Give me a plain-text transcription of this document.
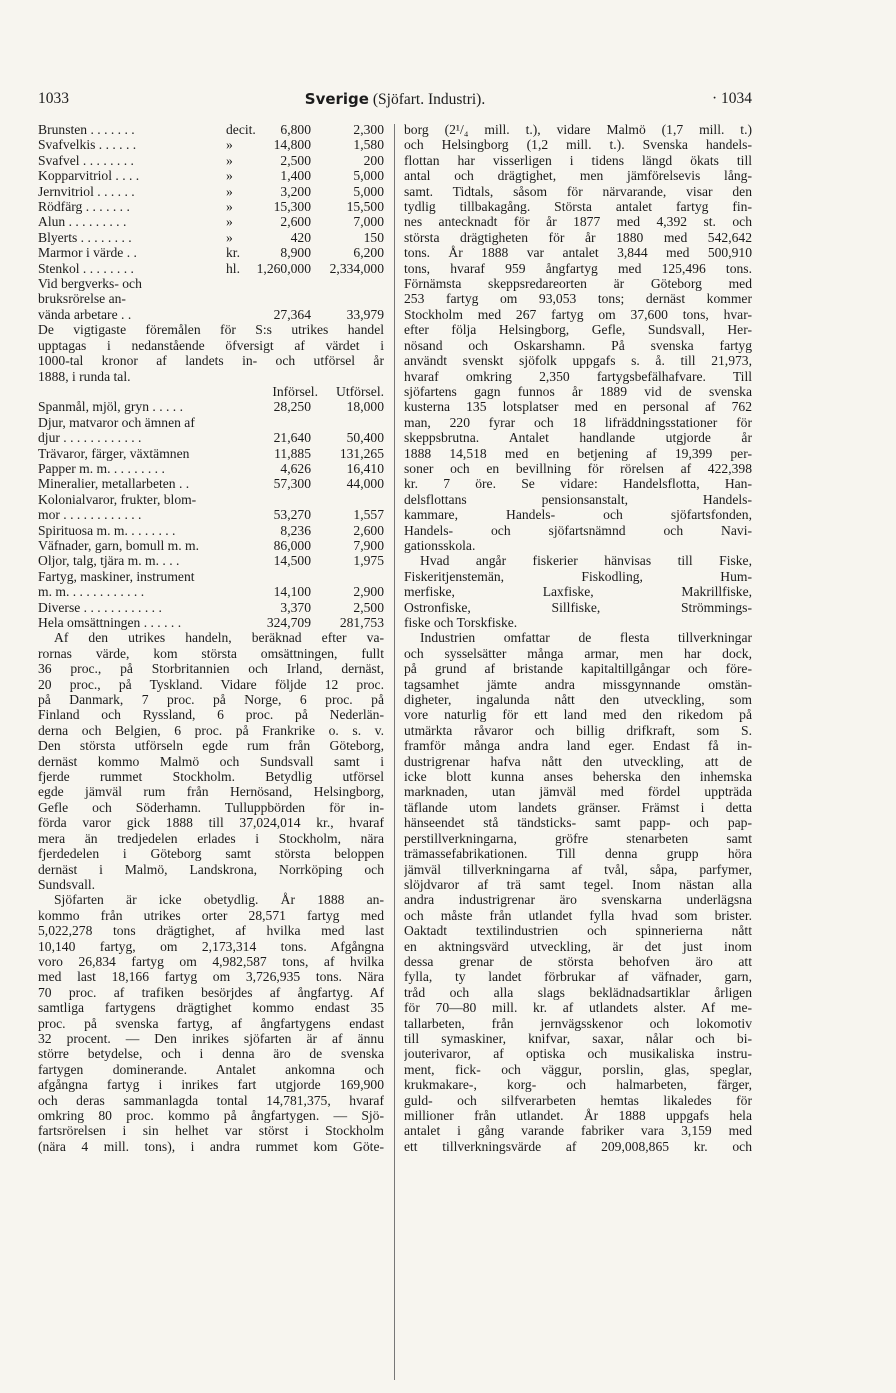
1033	Sverige (Sjöfart. Industri).	· 1034
Brunsten . . . . . . .	decit. 6,800	2,300
Svafvelkis . . . . . .	»	14,800	1,580
Svafvel . . . . . . . .	»	2,500	200
Kopparvitriol . . . .	»	1,400	5,000
Jernvitriol . . . . . .	»	3,200	5,000
Rödfärg . . . . . . .	»	15,300	15,500
Alun . . . . . . . . .	»	2,600	7,000
Blyerts . . . . . . . .	»	420	150
Marmor i värde . .	kr.	8,900	6,200
Stenkol . . . . . . . .	hl. 1,260,000 2,334,000
Vid bergverks- och
bruksrörelse an-
vända arbetare . .	27,364	33,979
De vigtigaste föremålen för S:s utrikes handel
upptagas i nedanstående öfversigt af värdet i
1000-tal kronor af landets in- och utförsel år
1888, i runda tal.
Införsel. Utförsel.
Spanmål, mjöl, gryn . . . . .	28,250	18,000
Djur, matvaror och ämnen af
djur . . . . . . . . . . . .	21,640	50,400
Trävaror, färger, växtämnen	11,885 131,265
Papper m. m. . . . . . . . .	4,626	16,410
Mineralier, metallarbeten . .	57,300	44,000
Kolonialvaror, frukter, blom-
mor . . . . . . . . . . . .	53,270	1,557
Spirituosa m. m. . . . . . . .	8,236	2,600
Väfnader, garn, bomull m. m.	86,000	7,900
Oljor, talg, tjära m. m. . . .	14,500	1,975
Fartyg, maskiner, instrument
m. m. . . . . . . . . . . .	14,100	2,900
Diverse . . . . . . . . . . . .	3,370	2,500
Hela omsättningen . . . . . .	324,709 281,753
Af den utrikes handeln, beräknad efter va-
rornas värde, kom största omsättningen, fullt
36 proc., på Storbritannien och Irland, dernäst,
20 proc., på Tyskland. Vidare följde 12 proc.
på Danmark, 7 proc. på Norge, 6 proc. på
Finland och Ryssland, 6 proc. på Nederlän-
derna och Belgien, 6 proc. på Frankrike o. s. v.
Den största utförseln egde rum från Göteborg,
dernäst kommo Malmö och Sundsvall samt i
fjerde rummet Stockholm. Betydlig utförsel
egde jämväl rum från Hernösand, Helsingborg,
Gefle och Söderhamn. Tulluppbörden för in-
förda varor gick 1888 till 37,024,014 kr., hvaraf
mera än tredjedelen erlades i Stockholm, nära
fjerdedelen i Göteborg samt största beloppen
dernäst i Malmö, Landskrona, Norrköping och
Sundsvall.
Sjöfarten är icke obetydlig. År 1888 an-
kommo från utrikes orter 28,571 fartyg med
5,022,278 tons drägtighet, af hvilka med last
10,140 fartyg, om 2,173,314 tons. Afgångna
voro 26,834 fartyg om 4,982,587 tons, af hvilka
med last 18,166 fartyg om 3,726,935 tons. Nära
70 proc. af trafiken besörjdes af ångfartyg. Af
samtliga fartygens drägtighet kommo endast 35
proc. på svenska fartyg, af ångfartygens endast
32 procent. — Den inrikes sjöfarten är af ännu
större betydelse, och i denna äro de svenska
fartygen dominerande. Antalet ankomna och
afgångna fartyg i inrikes fart utgjorde 169,900
och deras sammanlagda tontal 14,781,375, hvaraf
omkring 80 proc. kommo på ångfartygen. — Sjö-
fartsrörelsen i sin helhet var störst i Stockholm
(nära 4 mill. tons), i andra rummet kom Göte-
borg (2¹/₄ mill. t.), vidare Malmö (1,7 mill. t.)
och Helsingborg (1,2 mill. t.). Svenska handels-
flottan har visserligen i tidens längd ökats till
antal och drägtighet, men jämförelsevis lång-
samt. Tidtals, såsom för närvarande, visar den
tydlig tillbakagång. Största antalet fartyg fin-
nes antecknadt för år 1877 med 4,392 st. och
största drägtigheten för år 1880 med 542,642
tons. År 1888 var antalet 3,844 med 500,910
tons, hvaraf 959 ångfartyg med 125,496 tons.
Förnämsta skeppsredareorten är Göteborg med
253 fartyg om 93,053 tons; dernäst kommer
Stockholm med 267 fartyg om 37,600 tons, hvar-
efter följa Helsingborg, Gefle, Sundsvall, Her-
nösand och Oskarshamn. På svenska fartyg
användt svenskt sjöfolk uppgafs s. å. till 21,973,
hvaraf omkring 2,350 fartygsbefälhafvare. Till
sjöfartens gagn funnos år 1889 vid de svenska
kusterna 135 lotsplatser med en personal af 762
man, 220 fyrar och 18 lifräddningsstationer för
skeppsbrutna. Antalet handlande utgjorde år
1888 14,518 med en betjening af 19,399 per-
soner och en bevillning för rörelsen af 422,398
kr. 7 öre. Se vidare: Handelsflotta, Han-
delsflottans pensionsanstalt, Handels-
kammare, Handels- och sjöfartsfonden,
Handels- och sjöfartsnämnd och Navi-
gationsskola.
Hvad angår fiskerier hänvisas till Fiske,
Fiskeritjenstemän, Fiskodling, Hum-
merfiske, Laxfiske, Makrillfiske,
Ostronfiske, Sillfiske, Strömmings-
fiske och Torskfiske.
Industrien omfattar de flesta tillverkningar
och sysselsätter många armar, men har dock,
på grund af bristande kapitaltillgångar och före-
tagsamhet jämte andra missgynnande omstän-
digheter, ingalunda nått den utveckling, som
vore naturlig för ett land med den rikedom på
utmärkta råvaror och billig drifkraft, som S.
framför många andra land eger. Endast få in-
dustrigrenar hafva nått den utveckling, att de
icke blott kunna anses beherska den inhemska
marknaden, utan jämväl med fördel uppträda
täflande utom landets gränser. Främst i detta
hänseendet stå tändsticks- samt papp- och pap-
perstillverkningarna, gröfre stenarbeten samt
trämassefabrikationen. Till denna grupp höra
jämväl tillverkningarna af tvål, såpa, parfymer,
slöjdvaror af trä samt tegel. Inom nästan alla
andra industrigrenar äro svenskarna underlägsna
och måste från utlandet fylla hvad som brister.
Oaktadt textilindustrien och spinnerierna nått
en aktningsvärd utveckling, är det just inom
dessa grenar de största behofven äro att
fylla, ty landet förbrukar af väfnader, garn,
tråd och alla slags beklädnadsartiklar årligen
för 70—80 mill. kr. af utlandets alster. Af me-
tallarbeten, från jernvägsskenor och lokomotiv
till symaskiner, knifvar, saxar, nålar och bi-
jouterivaror, af optiska och musikaliska instru-
ment, fick- och väggur, porslin, glas, speglar,
krukmakare-, korg- och halmarbeten, färger,
guld- och silfverarbeten hemtas likaledes för
millioner från utlandet. År 1888 uppgafs hela
antalet i gång varande fabriker vara 3,159 med
ett tillverkningsvärde af 209,008,865 kr. och
